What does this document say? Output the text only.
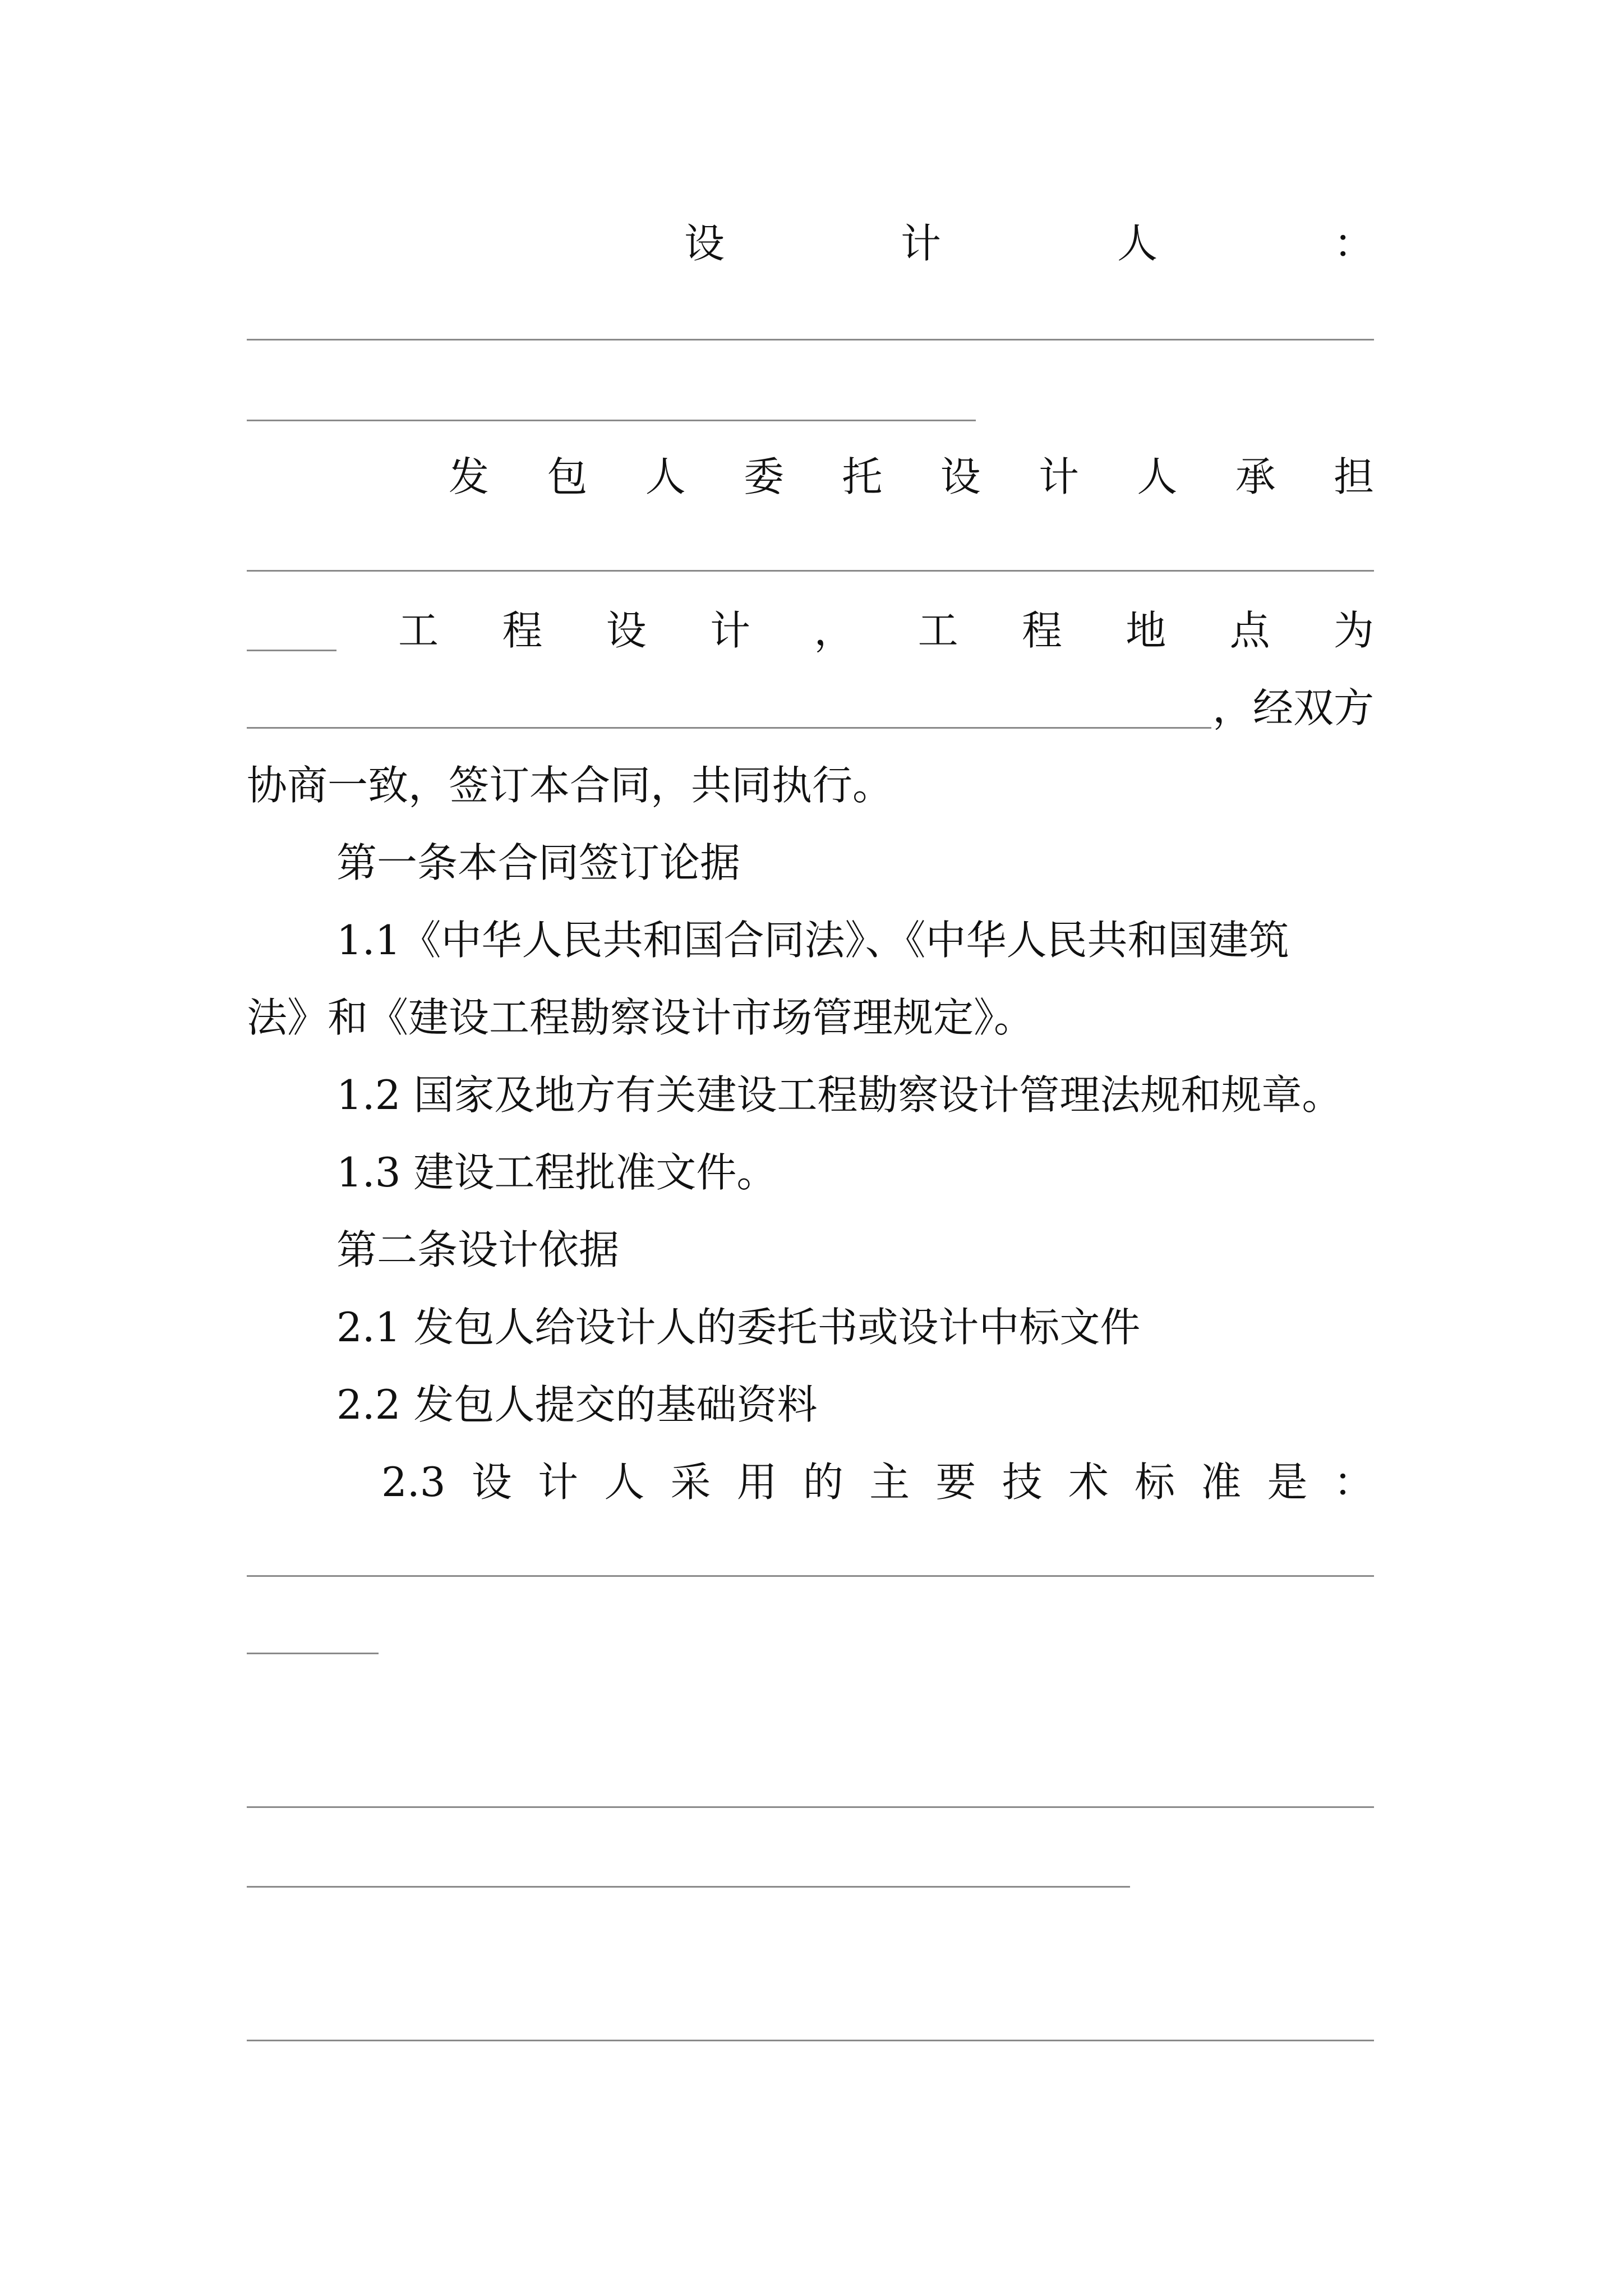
设	计	人	：
发 包 人 委 托 设 计 人 承 担
工 程 设 计 ， 工 程 地 点 为
，经双方
协商一致，签订本合同，共同执行。
第一条本合同签订论据
1.1《中华人民共和国合同法》、《中华人民共和国建筑
法》和《建设工程勘察设计市场管理规定》。
1.2 国家及地方有关建设工程勘察设计管理法规和规章。
1.3 建设工程批准文件。
第二条设计依据
2.1 发包人给设计人的委托书或设计中标文件
2.2 发包人提交的基础资料
2.3 设 计 人 采 用 的 主 要 技 术 标 准 是 ：
